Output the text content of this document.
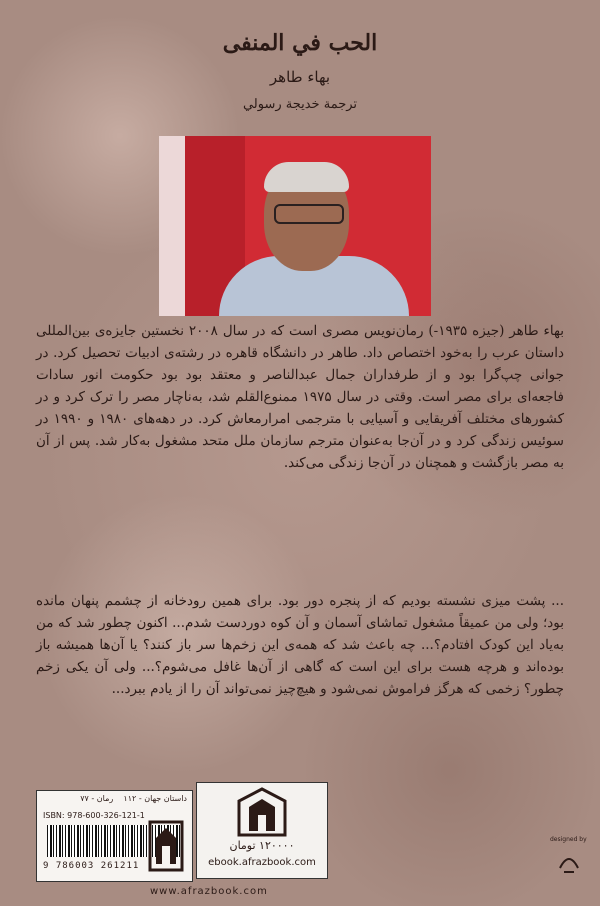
الحب في المنفى
بهاء طاهر
ترجمة خديجة رسولي

بهاء طاهر (جیزه ۱۹۳۵-) رمان‌نویس مصری است که در سال ۲۰۰۸ نخستین جایزه‌ی بین‌المللی داستان عرب را به‌خود اختصاص داد. طاهر در دانشگاه قاهره در رشته‌ی ادبیات تحصیل کرد. در جوانی چپ‌گرا بود و از طرفداران جمال عبدالناصر و معتقد بود بود حکومت انور سادات فاجعه‌ای برای مصر است. وقتی در سال ۱۹۷۵ ممنوع‌القلم شد، به‌ناچار مصر را ترک کرد و در کشورهای مختلف آفریقایی و آسیایی با مترجمی امرارمعاش کرد. در دهه‌های ۱۹۸۰ و ۱۹۹۰ در سوئیس زندگی کرد و در آن‌جا به‌عنوان مترجم سازمان ملل متحد مشغول به‌کار شد. پس از آن به مصر بازگشت و همچنان در آن‌جا زندگی می‌کند.

... پشت میزی نشسته بودیم که از پنجره دور بود. برای همین رودخانه از چشمم پنهان مانده بود؛ ولی من عمیقاً مشغول تماشای آسمان و آن کوه دوردست شدم... اکنون چطور شد که من به‌یاد این کودک افتادم؟... چه باعث شد که همه‌ی این زخم‌ها سر باز کنند؟ یا آن‌ها همیشه باز بوده‌اند و هرچه هست برای این است که گاهی از آن‌ها غافل می‌شوم؟... ولی آن یکی زخم چطور؟ زخمی که هرگز فراموش نمی‌شود و هیچ‌چیز نمی‌تواند آن را از یادم ببرد...

داستان جهان - ۱۱۲    رمان - ۷۷
ISBN: 978-600-326-121-1
9 786003 261211
۱۲۰۰۰۰ تومان
ebook.afrazbook.com
www.afrazbook.com
designed by
